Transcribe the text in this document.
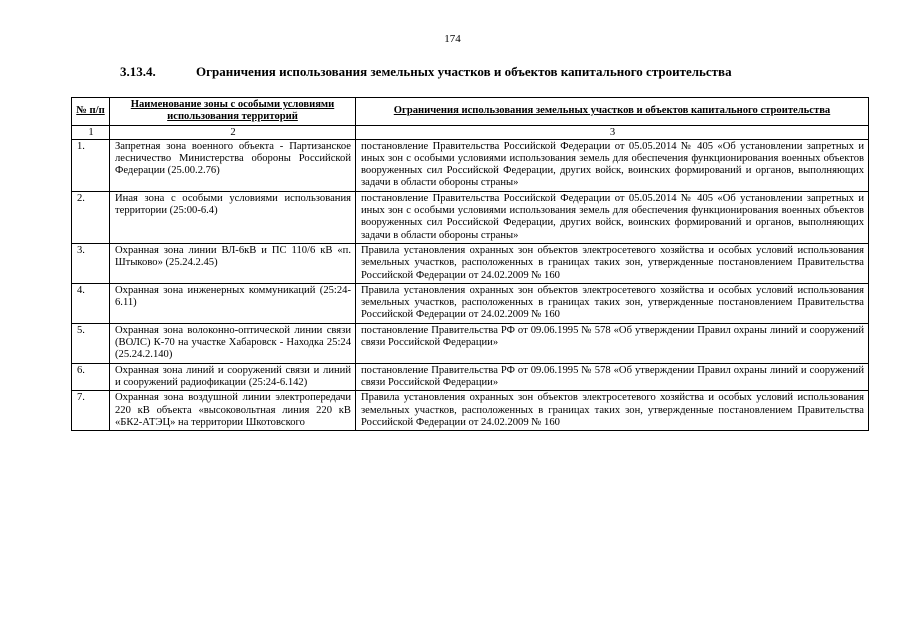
174
3.13.4.	Ограничения использования земельных участков и объектов капитального строительства
№ п/п	Наименование зоны с особыми условиями использования территорий	Ограничения использования земельных участков и объектов капитального строительства
1	2	3
1.	Запретная зона военного объекта - Партизанское лесничество Министерства обороны Российской Федерации (25.00.2.76)	постановление Правительства Российской Федерации от 05.05.2014 № 405 «Об установлении запретных и иных зон с особыми условиями использования земель для обеспечения функционирования военных объектов вооруженных сил Российской Федерации, других войск, воинских формирований и органов, выполняющих задачи в области обороны страны»
2.	Иная зона с особыми условиями использования территории (25:00-6.4)	постановление Правительства Российской Федерации от 05.05.2014 № 405 «Об установлении запретных и иных зон с особыми условиями использования земель для обеспечения функционирования военных объектов вооруженных сил Российской Федерации, других войск, воинских формирований и органов, выполняющих задачи в области обороны страны»
3.	Охранная зона линии ВЛ-6кВ и ПС 110/6 кВ «п. Штыково» (25.24.2.45)	Правила установления охранных зон объектов электросетевого хозяйства и особых условий использования земельных участков, расположенных в границах таких зон, утвержденные постановлением Правительства Российской Федерации от 24.02.2009 № 160
4.	Охранная зона инженерных коммуникаций (25:24-6.11)	Правила установления охранных зон объектов электросетевого хозяйства и особых условий использования земельных участков, расположенных в границах таких зон, утвержденные постановлением Правительства Российской Федерации от 24.02.2009 № 160
5.	Охранная зона волоконно-оптической линии связи (ВОЛС) К-70 на участке Хабаровск - Находка 25:24 (25.24.2.140)	постановление Правительства РФ от 09.06.1995 № 578 «Об утверждении Правил охраны линий и сооружений связи Российской Федерации»
6.	Охранная зона линий и сооружений связи и линий и сооружений радиофикации (25:24-6.142)	постановление Правительства РФ от 09.06.1995 № 578 «Об утверждении Правил охраны линий и сооружений связи Российской Федерации»
7.	Охранная зона воздушной линии электропередачи 220 кВ объекта «высоковольтная линия 220 кВ «БК2-АТЭЦ» на территории Шкотовского	Правила установления охранных зон объектов электросетевого хозяйства и особых условий использования земельных участков, расположенных в границах таких зон, утвержденные постановлением Правительства Российской Федерации от 24.02.2009 № 160
